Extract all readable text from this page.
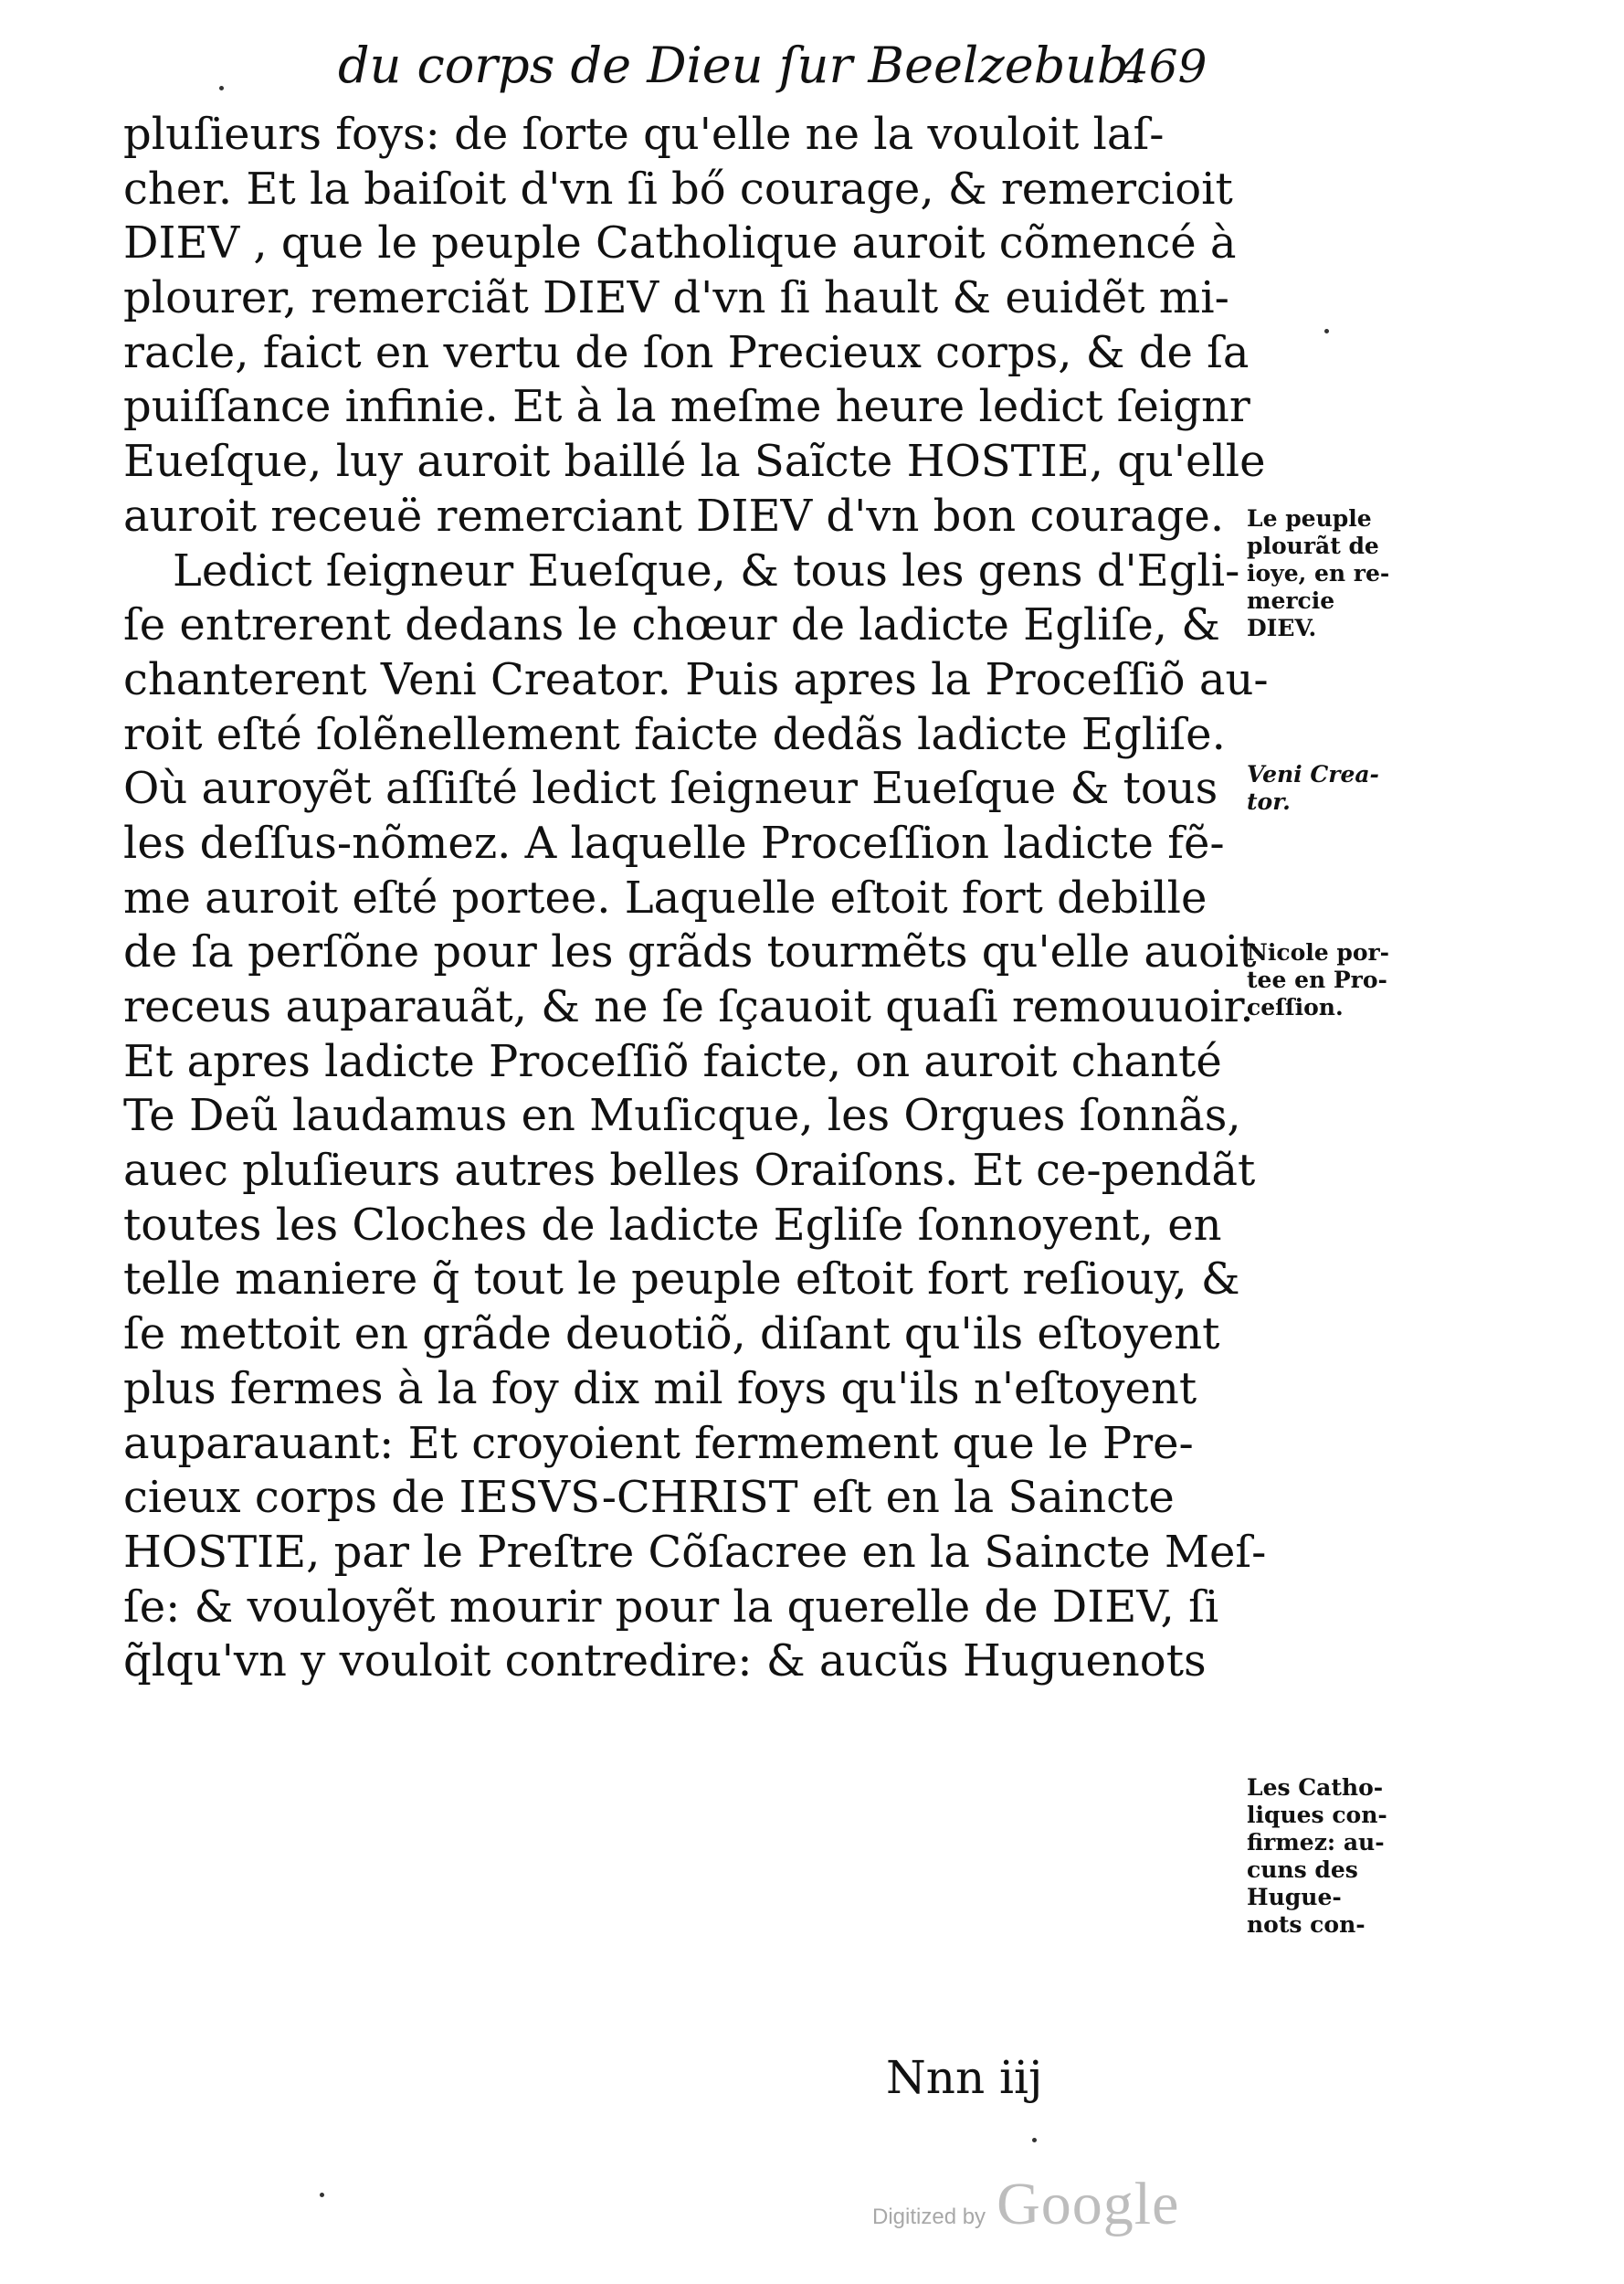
du corps de Dieu ſur Beelzebub.
469
pluſieurs foys: de ſorte qu'elle ne la vouloit laſ-
cher. Et la baiſoit d'vn ſi bő courage, & remercioit
DIEV , que le peuple Catholique auroit cõmencé à
plourer, remerciãt DIEV d'vn ſi hault & euidẽt mi-
racle, faict en vertu de ſon Precieux corps, & de ſa
puiſſance infinie. Et à la meſme heure ledict ſeignr
Eueſque, luy auroit baillé la Saĩcte HOSTIE, qu'elle
auroit receuë remerciant DIEV d'vn bon courage.
Ledict ſeigneur Eueſque, & tous les gens d'Egli-
ſe entrerent dedans le chœur de ladicte Egliſe, &
chanterent Veni Creator. Puis apres la Proceſſiõ au-
roit eſté ſolẽnellement faicte dedãs ladicte Egliſe.
Où auroyẽt aſſiſté ledict ſeigneur Eueſque & tous
les deſſus-nõmez. A laquelle Proceſſion ladicte fẽ-
me auroit eſté portee. Laquelle eſtoit fort debille
de ſa perſõne pour les grãds tourmẽts qu'elle auoit
receus auparauãt, & ne ſe ſçauoit quaſi remouuoir.
Et apres ladicte Proceſſiõ faicte, on auroit chanté
Te Deũ laudamus en Muſicque, les Orgues ſonnãs,
auec pluſieurs autres belles Oraiſons. Et ce-pendãt
toutes les Cloches de ladicte Egliſe ſonnoyent, en
telle maniere q̃ tout le peuple eſtoit fort reſiouy, &
ſe mettoit en grãde deuotiõ, diſant qu'ils eſtoyent
plus fermes à la foy dix mil foys qu'ils n'eſtoyent
auparauant: Et croyoient fermement que le Pre-
cieux corps de IESVS-CHRIST eſt en la Saincte
HOSTIE, par le Preſtre Cõſacree en la Saincte Meſ-
ſe: & vouloyẽt mourir pour la querelle de DIEV, ſi
q̃lqu'vn y vouloit contredire: & aucũs Huguenots
Le peuple
plourãt de
ioye, en re-
mercie
DIEV.
Veni Crea-
tor.
Nicole por-
tee en Pro-
ceſſion.
Les Catho-
liques con-
firmez: au-
cuns des
Hugue-
nots con-
Nnn iij
Digitized by Google
